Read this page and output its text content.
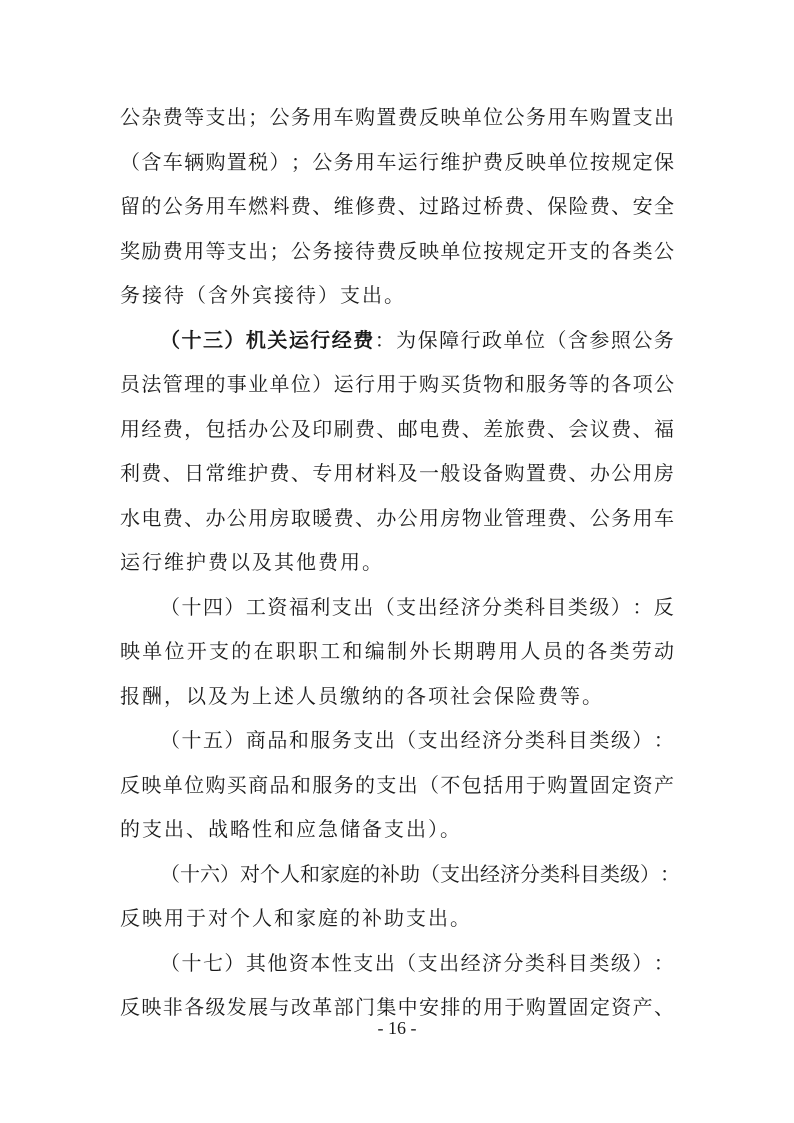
公 杂 费 等 支 出 ； 公 务 用 车 购 置 费 反 映 单 位 公 务 用 车 购 置 支 出
（ 含 车 辆 购 置 税 ） ； 公 务 用 车 运 行 维 护 费 反 映 单 位 按 规 定 保
留 的 公 务 用 车 燃 料 费 、 维 修 费 、 过 路 过 桥 费 、 保 险 费 、 安 全
奖 励 费 用 等 支 出 ； 公 务 接 待 费 反 映 单 位 按 规 定 开 支 的 各 类 公
务接待（含外宾接待）支出。
（ 十 三 ） 机 关 运 行 经 费 ： 为 保 障 行 政 单 位 （ 含 参 照 公 务
员 法 管 理 的 事 业 单 位 ） 运 行 用 于 购 买 货 物 和 服 务 等 的 各 项 公
用 经 费 ， 包 括 办 公 及 印 刷 费 、 邮 电 费 、 差 旅 费 、 会 议 费 、 福
利 费 、 日 常 维 护 费 、 专 用 材 料 及 一 般 设 备 购 置 费 、 办 公 用 房
水 电 费 、 办 公 用 房 取 暖 费 、 办 公 用 房 物 业 管 理 费 、 公 务 用 车
运行维护费以及其他费用。
（ 十 四 ） 工 资 福 利 支 出 （ 支 出 经 济 分 类 科 目 类 级 ） ： 反
映 单 位 开 支 的 在 职 职 工 和 编 制 外 长 期 聘 用 人 员 的 各 类 劳 动
报酬，以及为上述人员缴纳的各项社会保险费等。
（ 十 五 ） 商 品 和 服 务 支 出 （ 支 出 经 济 分 类 科 目 类 级 ） ：
反 映 单 位 购 买 商 品 和 服 务 的 支 出 （ 不 包 括 用 于 购 置 固 定 资 产
的支出、战略性和应急储备支出）。
（ 十 六 ） 对 个 人 和 家 庭 的 补 助 （ 支 出 经 济 分 类 科 目 类 级 ） ：
反映用于对个人和家庭的补助支出。
（ 十 七 ） 其 他 资 本 性 支 出 （ 支 出 经 济 分 类 科 目 类 级 ） ：
反 映 非 各 级 发 展 与 改 革 部 门 集 中 安 排 的 用 于 购 置 固 定 资 产 、
- 16 -
